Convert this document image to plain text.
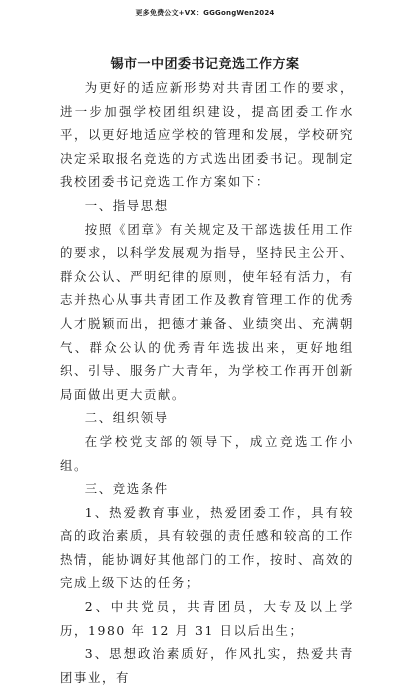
更多免费公文+VX：GGGongWen2024
锡市一中团委书记竞选工作方案

为更好的适应新形势对共青团工作的要求，进一步加强学校团组织建设，提高团委工作水平，以更好地适应学校的管理和发展，学校研究决定采取报名竞选的方式选出团委书记。现制定我校团委书记竞选工作方案如下：

一、指导思想

按照《团章》有关规定及干部选拔任用工作的要求，以科学发展观为指导，坚持民主公开、群众公认、严明纪律的原则，使年轻有活力，有志并热心从事共青团工作及教育管理工作的优秀人才脱颖而出，把德才兼备、业绩突出、充满朝气、群众公认的优秀青年选拔出来，更好地组织、引导、服务广大青年，为学校工作再开创新局面做出更大贡献。

二、组织领导

在学校党支部的领导下，成立竞选工作小组。

三、竞选条件

1、热爱教育事业，热爱团委工作，具有较高的政治素质，具有较强的责任感和较高的工作热情，能协调好其他部门的工作，按时、高效的完成上级下达的任务；

2、中共党员，共青团员，大专及以上学历，1980 年 12 月 31 日以后出生；

3、思想政治素质好，作风扎实，热爱共青团事业，有
